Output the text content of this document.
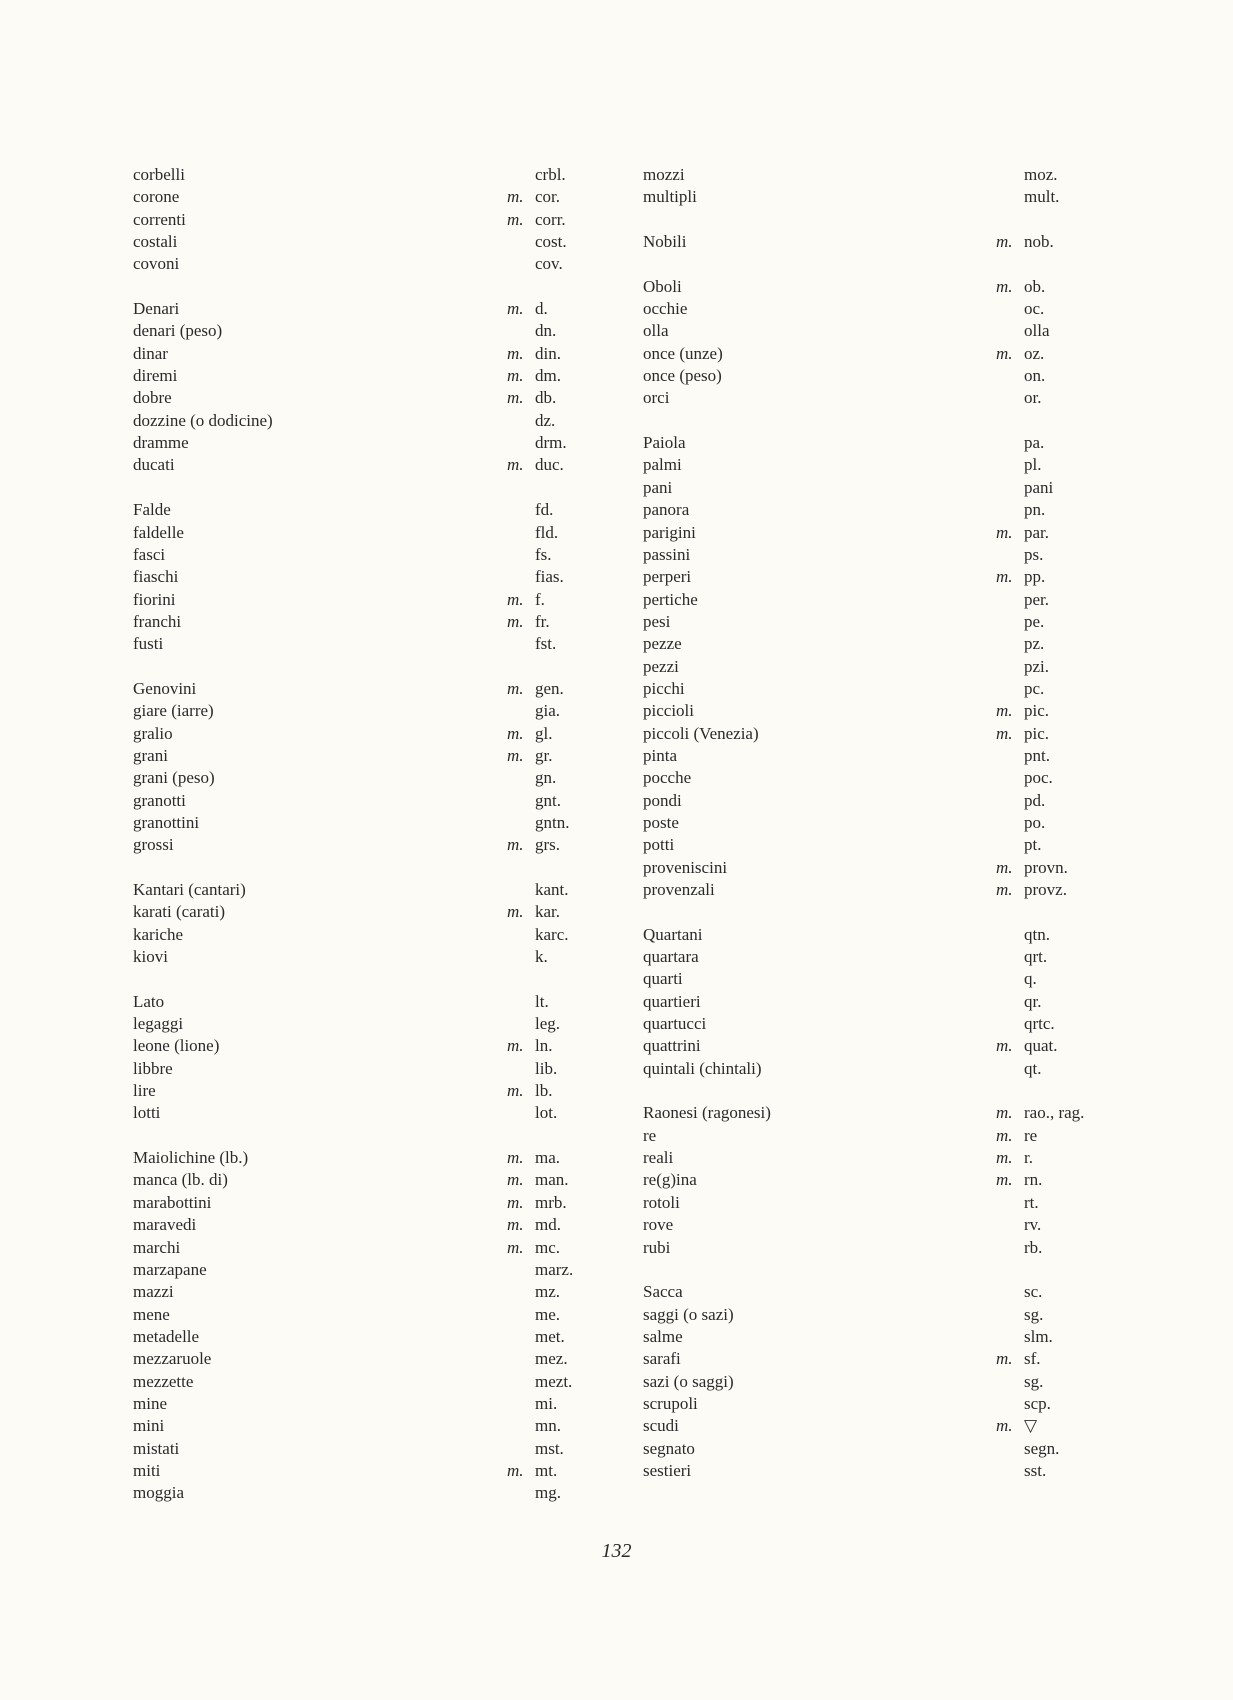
corbelli	crbl.
corone	m. cor.
correnti	m. corr.
costali	cost.
covoni	cov.
Denari	m. d.
denari (peso)	dn.
dinar	m. din.
diremi	m. dm.
dobre	m. db.
dozzine (o dodicine)	dz.
dramme	drm.
ducati	m. duc.
Falde	fd.
faldelle	fld.
fasci	fs.
fiaschi	fias.
fiorini	m. f.
franchi	m. fr.
fusti	fst.
Genovini	m. gen.
giare (iarre)	gia.
gralio	m. gl.
grani	m. gr.
grani (peso)	gn.
granotti	gnt.
granottini	gntn.
grossi	m. grs.
Kantari (cantari)	kant.
karati (carati)	m. kar.
kariche	karc.
kiovi	k.
Lato	lt.
legaggi	leg.
leone (lione)	m. ln.
libbre	lib.
lire	m. lb.
lotti	lot.
Maiolichine (lb.)	m. ma.
manca (lb. di)	m. man.
marabottini	m. mrb.
maravedi	m. md.
marchi	m. mc.
marzapane	marz.
mazzi	mz.
mene	me.
metadelle	met.
mezzaruole	mez.
mezzette	mezt.
mine	mi.
mini	mn.
mistati	mst.
miti	m. mt.
moggia	mg.
mozzi	moz.
multipli	mult.
Nobili	m. nob.
Oboli	m. ob.
occhie	oc.
olla	olla
once (unze)	m. oz.
once (peso)	on.
orci	or.
Paiola	pa.
palmi	pl.
pani	pani
panora	pn.
parigini	m. par.
passini	ps.
perperi	m. pp.
pertiche	per.
pesi	pe.
pezze	pz.
pezzi	pzi.
picchi	pc.
piccioli	m. pic.
piccoli (Venezia)	m. pic.
pinta	pnt.
pocche	poc.
pondi	pd.
poste	po.
potti	pt.
proveniscini	m. provn.
provenzali	m. provz.
Quartani	qtn.
quartara	qrt.
quarti	q.
quartieri	qr.
quartucci	qrtc.
quattrini	m. quat.
quintali (chintali)	qt.
Raonesi (ragonesi)	m. rao., rag.
re	m. re
reali	m. r.
re(g)ina	m. rn.
rotoli	rt.
rove	rv.
rubi	rb.
Sacca	sc.
saggi (o sazi)	sg.
salme	slm.
sarafi	m. sf.
sazi (o saggi)	sg.
scrupoli	scp.
scudi	m. ▽
segnato	segn.
sestieri	sst.
132
